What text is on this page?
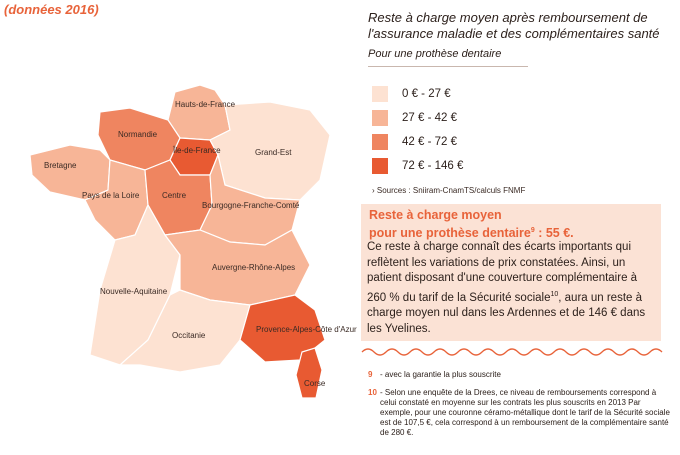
(données 2016)
Hauts-de-France
Normandie
Île-de-France	Grand-Est
Bretagne
Pays de la Loire	Centre
Bourgogne-Franche-Comté
Nouvelle-Aquitaine
Auvergne-Rhône-Alpes
Occitanie
Provence-Alpes-Côte d'Azur
Corse
Reste à charge moyen après remboursement de l'assurance maladie et des complémentaires santé
Pour une prothèse dentaire
0 € - 27 €
27 € - 42 €
42 € - 72 €
72 € - 146 €
› Sources : Sniiram-CnamTS/calculs FNMF
Reste à charge moyen
pour une prothèse dentaire$^9$ : 55 €.
Ce reste à charge connaît des écarts importants qui reflètent les variations de prix constatées. Ainsi, un patient disposant d'une couverture complémentaire à 260 % du tarif de la Sécurité sociale$^{10}$, aura un reste à charge moyen nul dans les Ardennes et de 146 € dans les Yvelines.
9 - avec la garantie la plus souscrite
10 - Selon une enquête de la Drees, ce niveau de remboursements correspond à celui constaté en moyenne sur les contrats les plus souscrits en 2013 Par exemple, pour une couronne céramo-métallique dont le tarif de la Sécurité sociale est de 107,5 €, cela correspond à un remboursement de la complémentaire santé de 280 €.
